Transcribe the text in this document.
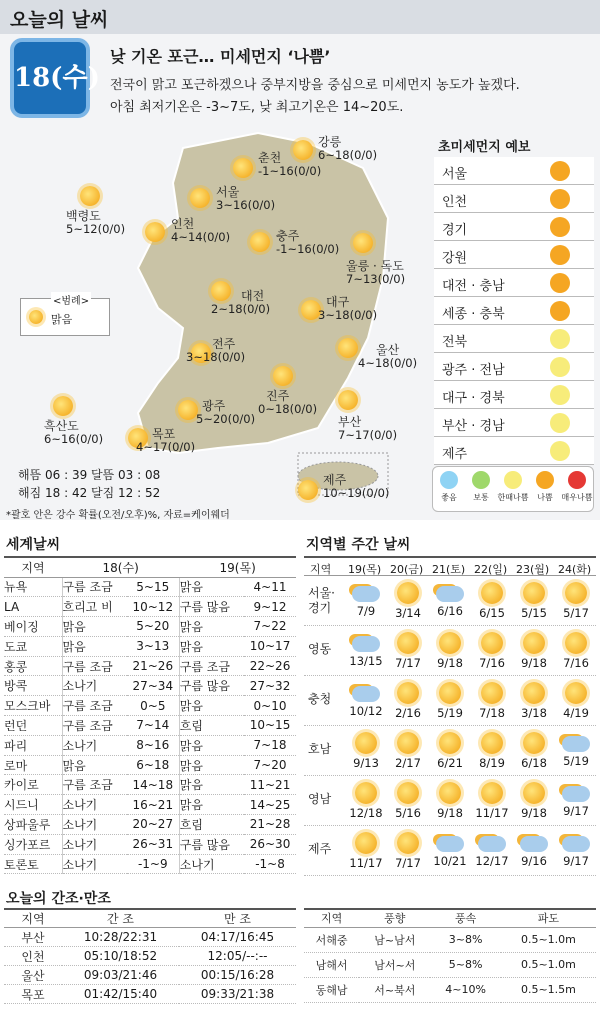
오늘의 날씨
18(수)
낮 기온 포근… 미세먼지 ‘나쁨’
전국이 맑고 포근하겠으나 중부지방을 중심으로 미세먼지 농도가 높겠다.
아침 최저기온은 -3~7도, 낮 최고기온은 14~20도.
강릉
6~18(0/0)
춘천
-1~16(0/0)
서울
3~16(0/0)
백령도
5~12(0/0)	인천
4~14(0/0)	충주
-1~16(0/0)
울릉 · 독도
7~13(0/0)
대전
2~18(0/0)	대구
3~18(0/0)
전주
3~18(0/0)	울산
4~18(0/0)
흑산도
6~16(0/0)
광주
5~20(0/0)
진주
0~18(0/0)
부산
7~17(0/0)
목포
4~17(0/0)
제주
10~19(0/0)
<범례>
맑음
해뜸 06 : 39 달뜸 03 : 08
해짐 18 : 42 달짐 12 : 52
초미세먼지 예보
서울
인천
경기
강원
대전 · 충남
세종 · 충북
전북
광주 · 전남
대구 · 경북
부산 · 경남
제주
좋음	보통	한때나쁨	나쁨	매우나쁨
*괄호 안은 강수 확률(오전/오후)%, 자료=케이웨더
세계날씨
지역	18(수)		19(목)	
뉴욕	구름 조금	5~15	맑음	4~11
LA	흐리고 비	10~12	구름 많음	9~12
베이징	맑음	5~20	맑음	7~22
도쿄	맑음	3~13	맑음	10~17
홍콩	구름 조금	21~26	구름 조금	22~26
방콕	소나기	27~34	구름 많음	27~32
모스크바	구름 조금	0~5	맑음	0~10
런던	구름 조금	7~14	흐림	10~15
파리	소나기	8~16	맑음	7~18
로마	맑음	6~18	맑음	7~20
카이로	구름 조금	14~18	맑음	11~21
시드니	소나기	16~21	맑음	14~25
상파울루	소나기	20~27	흐림	21~28
싱가포르	소나기	26~31	구름 많음	26~30
토론토	소나기	-1~9	소나기	-1~8
지역별 주간 날씨
지역 19(목) 20(금) 21(토) 22(일) 23(월) 24(화)
서울·경기	7/9	3/14	6/16	6/15	5/15	5/17
영동
13/15	7/17	9/18	7/16	9/18	7/16
충청
10/12	2/16	5/19	7/18	3/18	4/19
호남
9/13	2/17	6/21	8/19	6/18	5/19
영남
12/18	5/16	9/18	11/17	9/18	9/17
제주
11/17	7/17	10/21 12/17	9/16	9/17
오늘의 간조·만조
지역	간 조	만 조
부산	10:28/22:31	04:17/16:45
인천	05:10/18:52	12:05/--:--
울산	09:03/21:46	00:15/16:28
목포	01:42/15:40	09:33/21:38
지역	풍향	풍속	파도
서해중	남~남서	3~8%	0.5~1.0m
남해서	남서~서	5~8%	0.5~1.0m
동해남	서~북서	4~10%	0.5~1.5m
